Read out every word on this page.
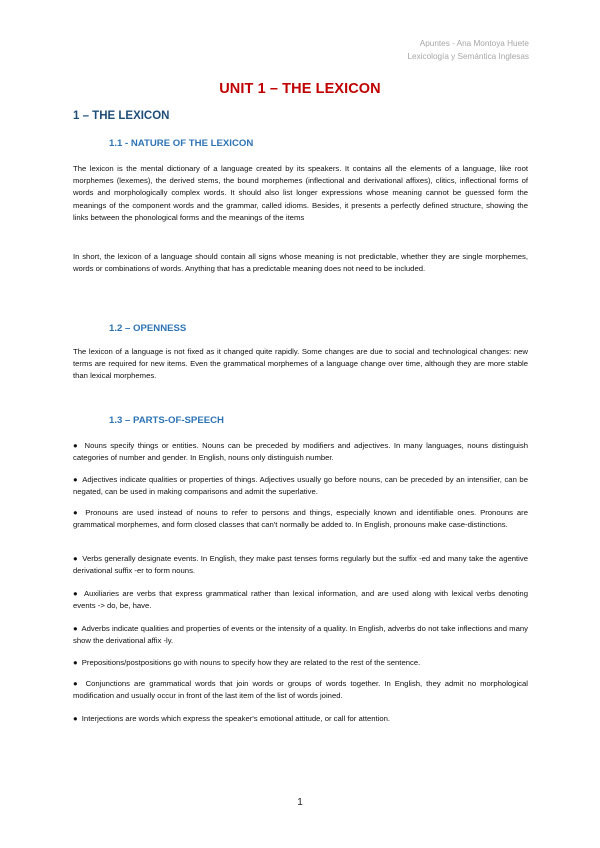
Apuntes - Ana Montoya Huete
Lexicología y Semántica Inglesas
UNIT 1 – THE LEXICON
1 – THE LEXICON
1.1 - NATURE OF THE LEXICON
The lexicon is the mental dictionary of a language created by its speakers. It contains all the elements of a language, like root morphemes (lexemes), the derived stems, the bound morphemes (inflectional and derivational affixes), clitics, inflectional forms of words and morphologically complex words. It should also list longer expressions whose meaning cannot be guessed form the meanings of the component words and the grammar, called idioms. Besides, it presents a perfectly defined structure, showing the links between the phonological forms and the meanings of the items
In short, the lexicon of a language should contain all signs whose meaning is not predictable, whether they are single morphemes, words or combinations of words. Anything that has a predictable meaning does not need to be included.
1.2 – OPENNESS
The lexicon of a language is not fixed as it changed quite rapidly. Some changes are due to social and technological changes: new terms are required for new items. Even the grammatical morphemes of a language change over time, although they are more stable than lexical morphemes.
1.3 – PARTS-OF-SPEECH
● Nouns specify things or entities. Nouns can be preceded by modifiers and adjectives. In many languages, nouns distinguish categories of number and gender. In English, nouns only distinguish number.
● Adjectives indicate qualities or properties of things. Adjectives usually go before nouns, can be preceded by an intensifier, can be negated, can be used in making comparisons and admit the superlative.
● Pronouns are used instead of nouns to refer to persons and things, especially known and identifiable ones. Pronouns are grammatical morphemes, and form closed classes that can't normally be added to. In English, pronouns make case-distinctions.
● Verbs generally designate events. In English, they make past tenses forms regularly but the suffix -ed and many take the agentive derivational suffix -er to form nouns.
● Auxiliaries are verbs that express grammatical rather than lexical information, and are used along with lexical verbs denoting events -> do, be, have.
● Adverbs indicate qualities and properties of events or the intensity of a quality. In English, adverbs do not take inflections and many show the derivational affix -ly.
● Prepositions/postpositions go with nouns to specify how they are related to the rest of the sentence.
● Conjunctions are grammatical words that join words or groups of words together. In English, they admit no morphological modification and usually occur in front of the last item of the list of words joined.
● Interjections are words which express the speaker's emotional attitude, or call for attention.
1
